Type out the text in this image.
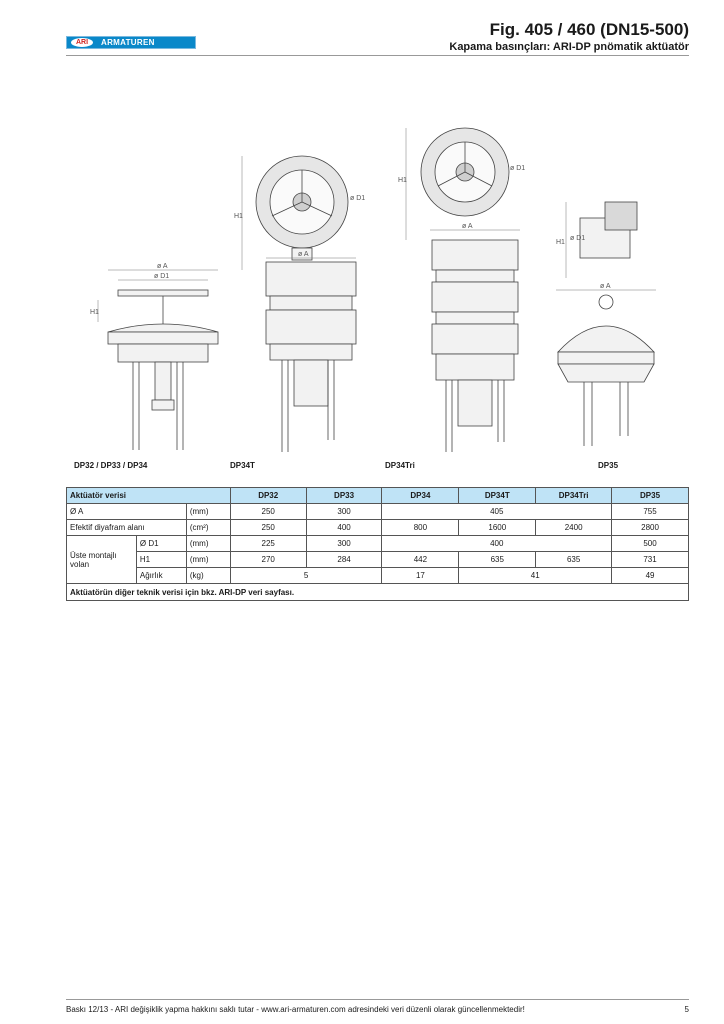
ARI	ARMATUREN
Fig. 405 / 460 (DN15-500)
Kapama basınçları: ARI-DP pnömatik aktüatör
ø A
ø D1
H1
ø A
ø D1
H1
ø A
ø D1
H1
ø A
ø D1
H1
DP32 / DP33 / DP34	DP34T	DP34Tri	DP35
Aktüatör verisi			DP32	DP33	DP34	DP34T	DP34Tri	DP35
Ø A		(mm)	250	300	405			755
Efektif diyafram alanı		(cm²)	250	400	800	1600	2400	2800
Üste montajlı volan	Ø D1	(mm)	225	300	400			500
	H1	(mm)	270	284	442	635	635	731
	Ağırlık	(kg)	5		17	41		49
Aktüatörün diğer teknik verisi için bkz. ARI-DP veri sayfası.								
Baskı 12/13 - ARI değişiklik yapma hakkını saklı tutar - www.ari-armaturen.com adresindeki veri düzenli olarak güncellenmektedir!	5
